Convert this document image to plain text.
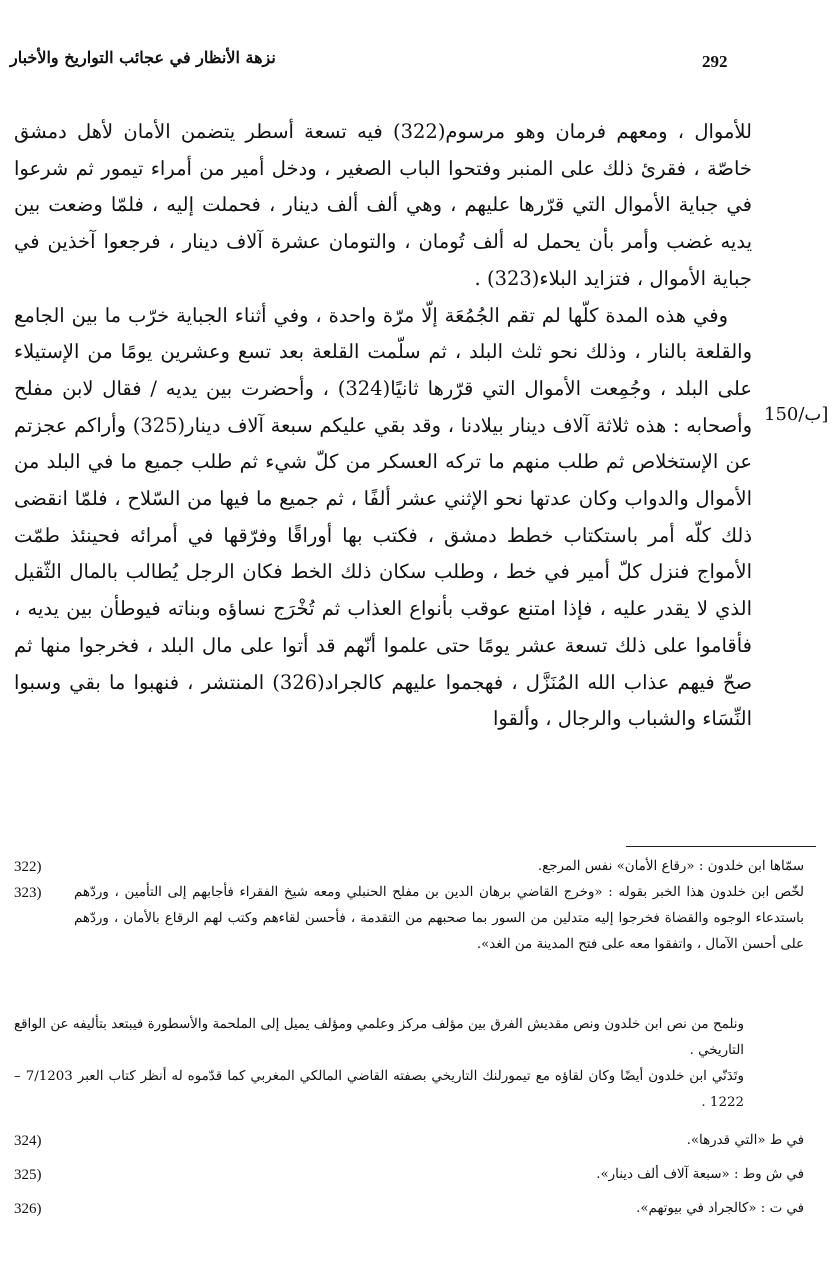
292
نزهة الأنظار في عجائب التواريخ والأخبار

للأموال ، ومعهم فرمان وهو مرسوم(322) فيه تسعة أسطر يتضمن الأمان لأهل دمشق خاصّة ، فقرئ ذلك على المنبر وفتحوا الباب الصغير ، ودخل أمير من أمراء تيمور ثم شرعوا في جباية الأموال التي قرّرها عليهم ، وهي ألف ألف دينار ، فحملت إليه ، فلمّا وضعت بين يديه غضب وأمر بأن يحمل له ألف تُومان ، والتومان عشرة آلاف دينار ، فرجعوا آخذين في جباية الأموال ، فتزايد البلاء(323) .

وفي هذه المدة كلّها لم تقم الجُمُعَة إلّا مرّة واحدة ، وفي أثناء الجباية خرّب ما بين الجامع والقلعة بالنار ، وذلك نحو ثلث البلد ، ثم سلّمت القلعة بعد تسع وعشرين يومًا من الإستيلاء على البلد ، وجُمِعت الأموال التي قرّرها ثانيًا(324) ، وأحضرت بين يديه / فقال لابن مفلح وأصحابه : هذه ثلاثة آلاف دينار بيلادنا ، وقد بقي عليكم سبعة آلاف دينار(325) وأراكم عجزتم عن الإستخلاص ثم طلب منهم ما تركه العسكر من كلّ شيء ثم طلب جميع ما في البلد من الأموال والدواب وكان عدتها نحو الإثني عشر ألفًا ، ثم جميع ما فيها من السّلاح ، فلمّا انقضى ذلك كلّه أمر باستكتاب خطط دمشق ، فكتب بها أوراقًا وفرّقها في أمرائه فحينئذ طمّت الأمواج فنزل كلّ أمير في خط ، وطلب سكان ذلك الخط فكان الرجل يُطالب بالمال الثّقيل الذي لا يقدر عليه ، فإذا امتنع عوقب بأنواع العذاب ثم تُخْرَج نساؤه وبناته فيوطأن بين يديه ، فأقاموا على ذلك تسعة عشر يومًا حتى علموا أنّهم قد أتوا على مال البلد ، فخرجوا منها ثم صحّ فيهم عذاب الله المُنَزَّل ، فهجموا عليهم كالجراد(326) المنتشر ، فنهبوا ما بقي وسبوا النِّسَاء والشباب والرجال ، وألقوا

150/ب]
سمّاها ابن خلدون : «رقاع الأمان» نفس المرجع.
322)
لخّص ابن خلدون هذا الخبر بقوله : «وخرج القاضي برهان الدين بن مفلح الحنبلي ومعه شيخ الفقراء فأجابهم إلى التأمين ، وردّهم باستدعاء الوجوه والقضاة فخرجوا إليه متدلين من السور بما صحبهم من التقدمة ، فأحسن لقاءهم وكتب لهم الرقاع بالأمان ، وردّهم على أحسن الآمال ، واتفقوا معه على فتح المدينة من الغد».
323)

ونلمح من نص ابن خلدون ونص مقديش الفرق بين مؤلف مركز وعلمي ومؤلف يميل إلى الملحمة والأسطورة فيبتعد بتأليفه عن الواقع التاريخي .

وتَدَنّي ابن خلدون أيضًا وكان لقاؤه مع تيمورلنك التاريخي بصفته القاضي المالكي المغربي كما قدّموه له أنظر كتاب العبر 7/1203 – 1222 .

في ط «التي قدرها».
324)
في ش وط : «سبعة آلاف ألف دينار».
325)
في ت : «كالجراد في بيوتهم».
326)
